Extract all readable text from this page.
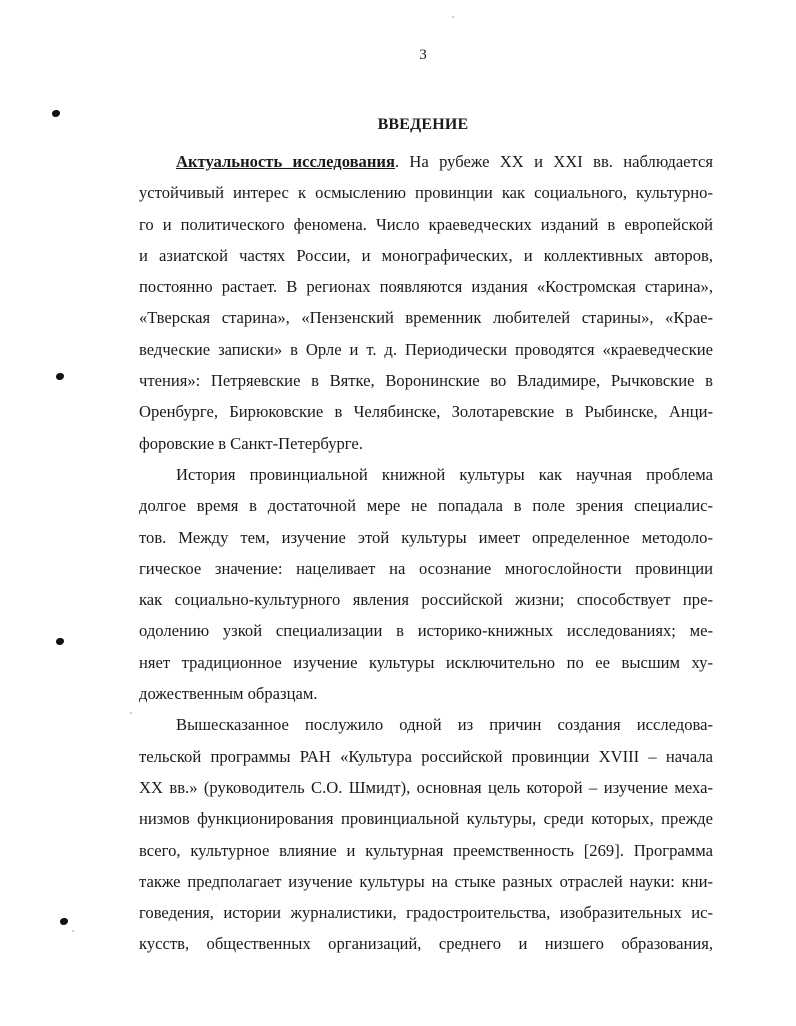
3
ВВЕДЕНИЕ
Актуальность исследования. На рубеже XX и XXI вв. наблюдается
устойчивый интерес к осмыслению провинции как социального, культурно-
го и политического феномена. Число краеведческих изданий в европейской
и азиатской частях России, и монографических, и коллективных авторов,
постоянно растает. В регионах появляются издания «Костромская старина»,
«Тверская старина», «Пензенский временник любителей старины», «Крае-
ведческие записки» в Орле и т. д. Периодически проводятся «краеведческие
чтения»: Петряевские в Вятке, Воронинские во Владимире, Рычковские в
Оренбурге, Бирюковские в Челябинске, Золотаревские в Рыбинске, Анци-
форовские в Санкт-Петербурге.
История провинциальной книжной культуры как научная проблема
долгое время в достаточной мере не попадала в поле зрения специалис-
тов. Между тем, изучение этой культуры имеет определенное методоло-
гическое значение: нацеливает на осознание многослойности провинции
как социально-культурного явления российской жизни; способствует пре-
одолению узкой специализации в историко-книжных исследованиях; ме-
няет традиционное изучение культуры исключительно по ее высшим ху-
дожественным образцам.
Вышесказанное послужило одной из причин создания исследова-
тельской программы РАН «Культура российской провинции XVIII – начала
XX вв.» (руководитель С.О. Шмидт), основная цель которой – изучение меха-
низмов функционирования провинциальной культуры, среди которых, прежде
всего, культурное влияние и культурная преемственность [269]. Программа
также предполагает изучение культуры на стыке разных отраслей науки: кни-
говедения, истории журналистики, градостроительства, изобразительных ис-
кусств, общественных организаций, среднего и низшего образования,
